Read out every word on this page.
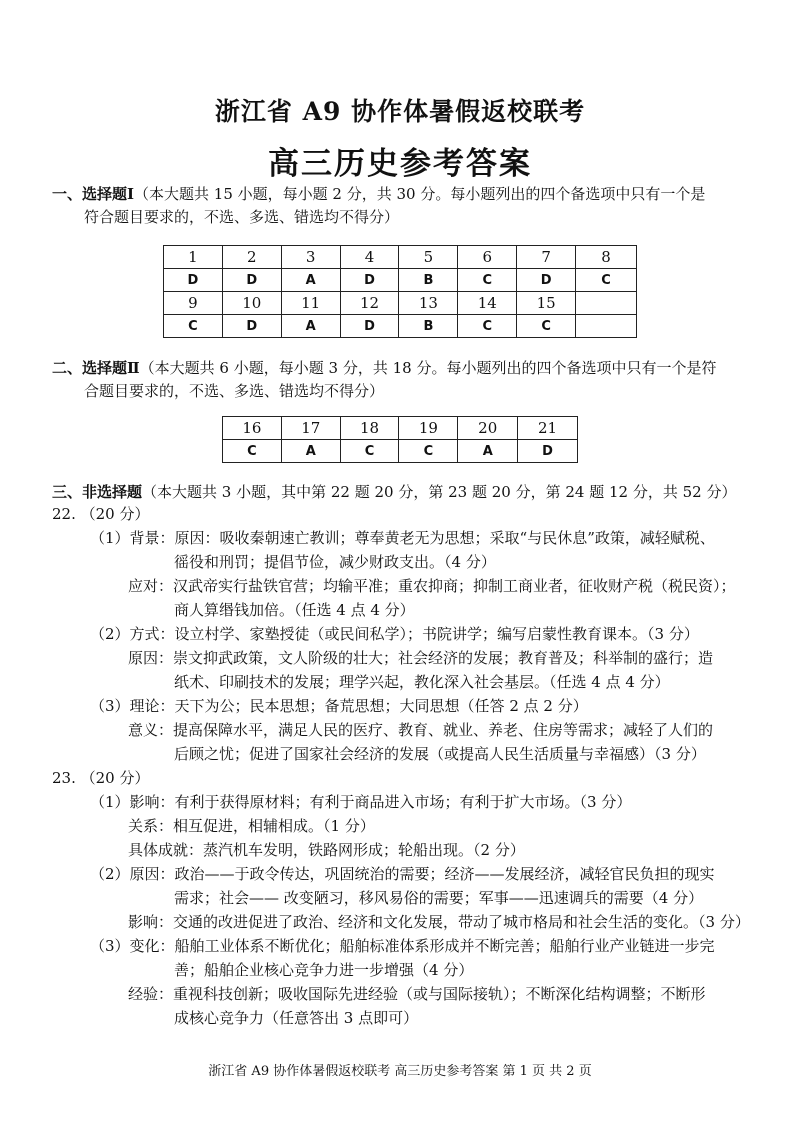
浙江省 A9 协作体暑假返校联考
高三历史参考答案
一、选择题Ⅰ（本大题共 15 小题，每小题 2 分，共 30 分。每小题列出的四个备选项中只有一个是
符合题目要求的，不选、多选、错选均不得分）
1	2	3	4	5	6	7	8
D	D	A	D	B	C	D	C
9	10	11	12	13	14	15	
C	D	A	D	B	C	C	
二、选择题Ⅱ（本大题共 6 小题，每小题 3 分，共 18 分。每小题列出的四个备选项中只有一个是符
合题目要求的，不选、多选、错选均不得分）
16	17	18	19	20	21
C	A	C	C	A	D
三、非选择题（本大题共 3 小题，其中第 22 题 20 分，第 23 题 20 分，第 24 题 12 分，共 52 分）
22. （20 分）
（1）背景：原因：吸收秦朝速亡教训；尊奉黄老无为思想；采取“与民休息”政策，减轻赋税、
徭役和刑罚；提倡节俭，减少财政支出。（4 分）
应对：汉武帝实行盐铁官营；均输平准；重农抑商；抑制工商业者，征收财产税（税民资）；
商人算缗钱加倍。（任选 4 点 4 分）
（2）方式：设立村学、家塾授徒（或民间私学）；书院讲学；编写启蒙性教育课本。（3 分）
原因：崇文抑武政策，文人阶级的壮大；社会经济的发展；教育普及；科举制的盛行；造
纸术、印刷技术的发展；理学兴起，教化深入社会基层。（任选 4 点 4 分）
（3）理论：天下为公；民本思想；备荒思想；大同思想（任答 2 点 2 分）
意义：提高保障水平，满足人民的医疗、教育、就业、养老、住房等需求；减轻了人们的
后顾之忧；促进了国家社会经济的发展（或提高人民生活质量与幸福感）（3 分）
23. （20 分）
（1）影响：有利于获得原材料；有利于商品进入市场；有利于扩大市场。（3 分）
关系：相互促进，相辅相成。（1 分）
具体成就：蒸汽机车发明，铁路网形成；轮船出现。（2 分）
（2）原因：政治——于政令传达，巩固统治的需要；经济——发展经济，减轻官民负担的现实
需求；社会—— 改变陋习，移风易俗的需要；军事——迅速调兵的需要（4 分）
影响：交通的改进促进了政治、经济和文化发展，带动了城市格局和社会生活的变化。（3 分）
（3）变化：船舶工业体系不断优化；船舶标准体系形成并不断完善；船舶行业产业链进一步完
善；船舶企业核心竞争力进一步增强（4 分）
经验：重视科技创新；吸收国际先进经验（或与国际接轨）；不断深化结构调整；不断形
成核心竞争力（任意答出 3 点即可）
浙江省 A9 协作体暑假返校联考 高三历史参考答案 第 1 页 共 2 页
